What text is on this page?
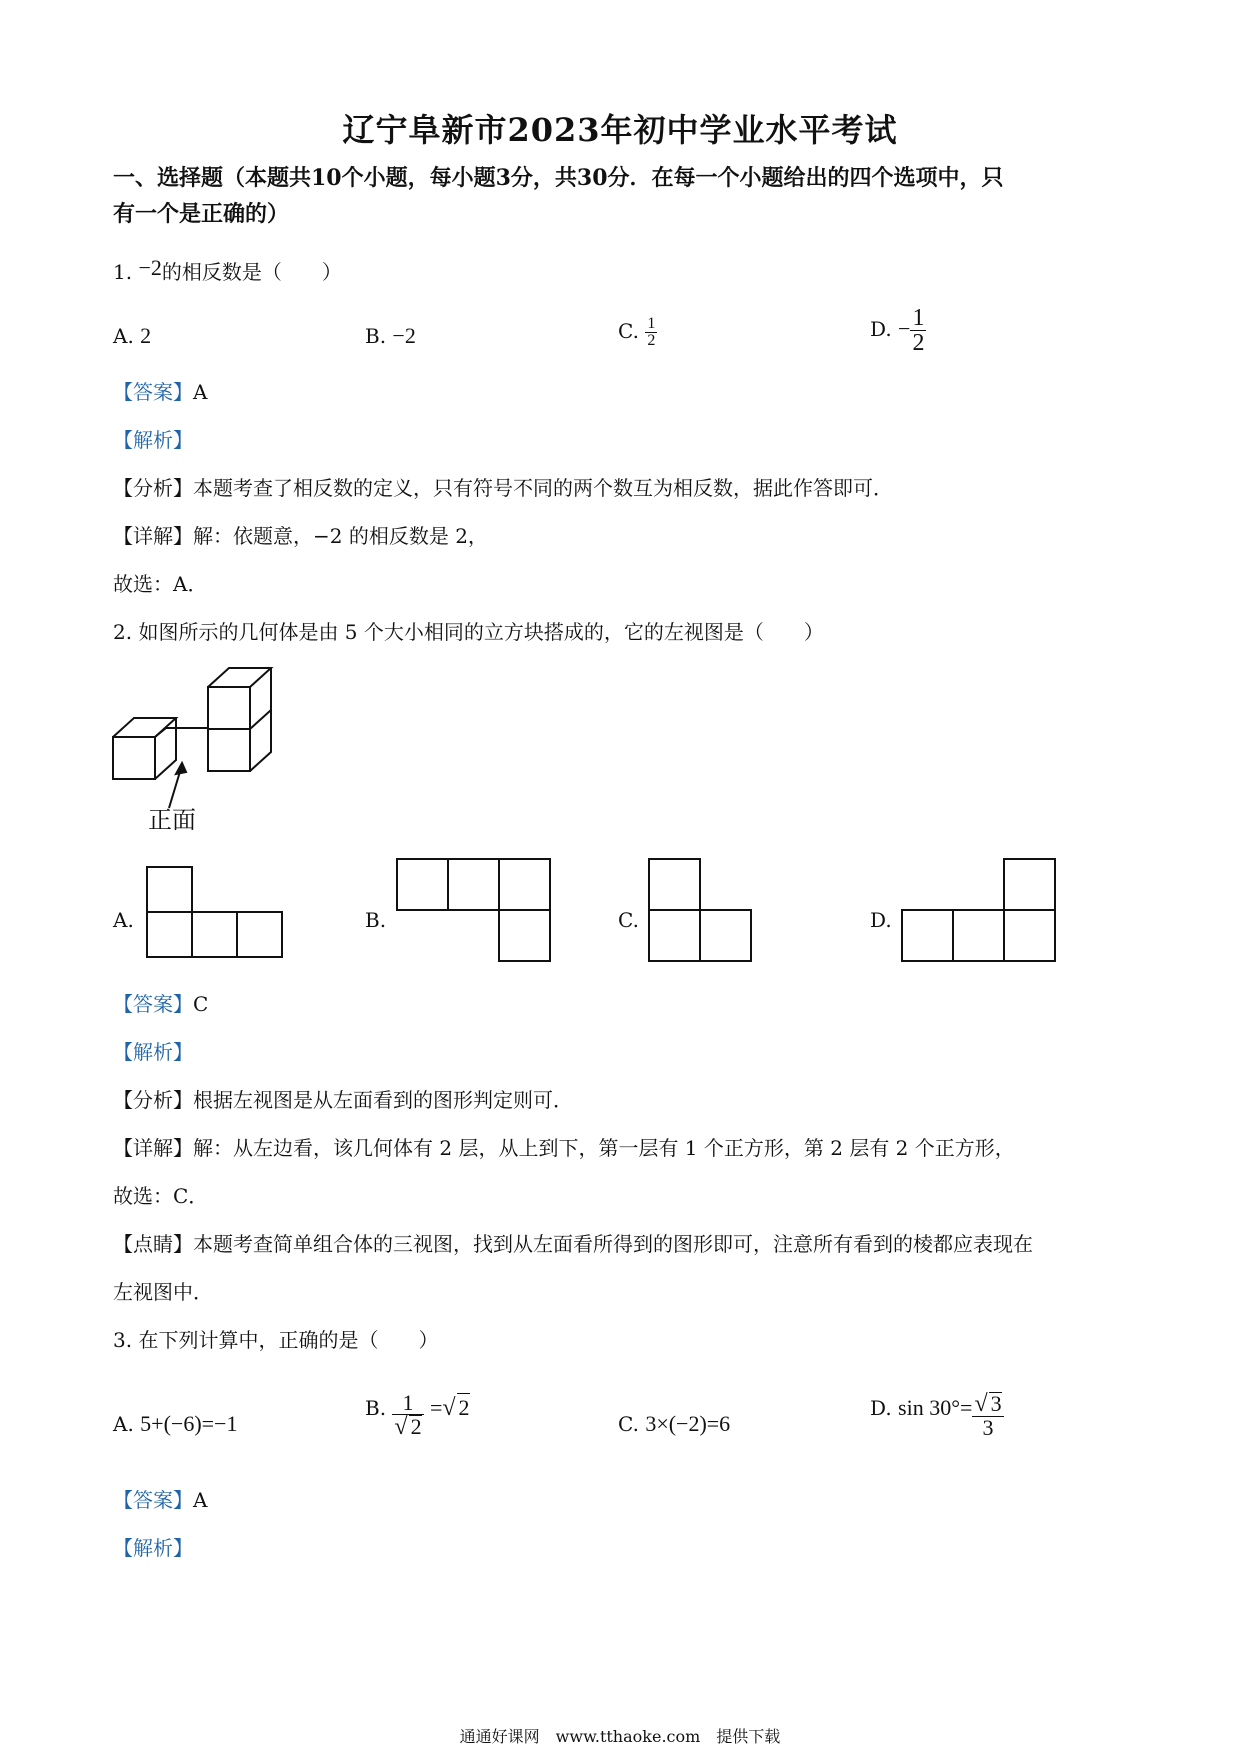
辽宁阜新市2023年初中学业水平考试
一、选择题（本题共10个小题，每小题3分，共30分．在每一个小题给出的四个选项中，只
有一个是正确的）
1. −2的相反数是（　　）
A. 2	B. −2	C. $\frac{1}{2}$	D. − $\frac{1}{2}$
【答案】A
【解析】
【分析】本题考查了相反数的定义，只有符号不同的两个数互为相反数，据此作答即可．
【详解】解：依题意，−2 的相反数是 2，
故选：A．
2. 如图所示的几何体是由 5 个大小相同的立方块搭成的，它的左视图是（　　）
正面
A.	B.	C.	D.
【答案】C
【解析】
【分析】根据左视图是从左面看到的图形判定则可．
【详解】解：从左边看，该几何体有 2 层，从上到下，第一层有 1 个正方形，第 2 层有 2 个正方形，
故选：C．
【点睛】本题考查简单组合体的三视图，找到从左面看所得到的图形即可，注意所有看到的棱都应表现在
左视图中．
3. 在下列计算中，正确的是（　　）
A. 5+(−6)=−1
B. $\frac{1}{√ 2}$ =√ 2
C. 3×(−2)=6
D. $\sin 30^\circ= \frac{√ 3}{3}$
【答案】A
【解析】
通通好课网　www.tthaoke.com　提供下载
